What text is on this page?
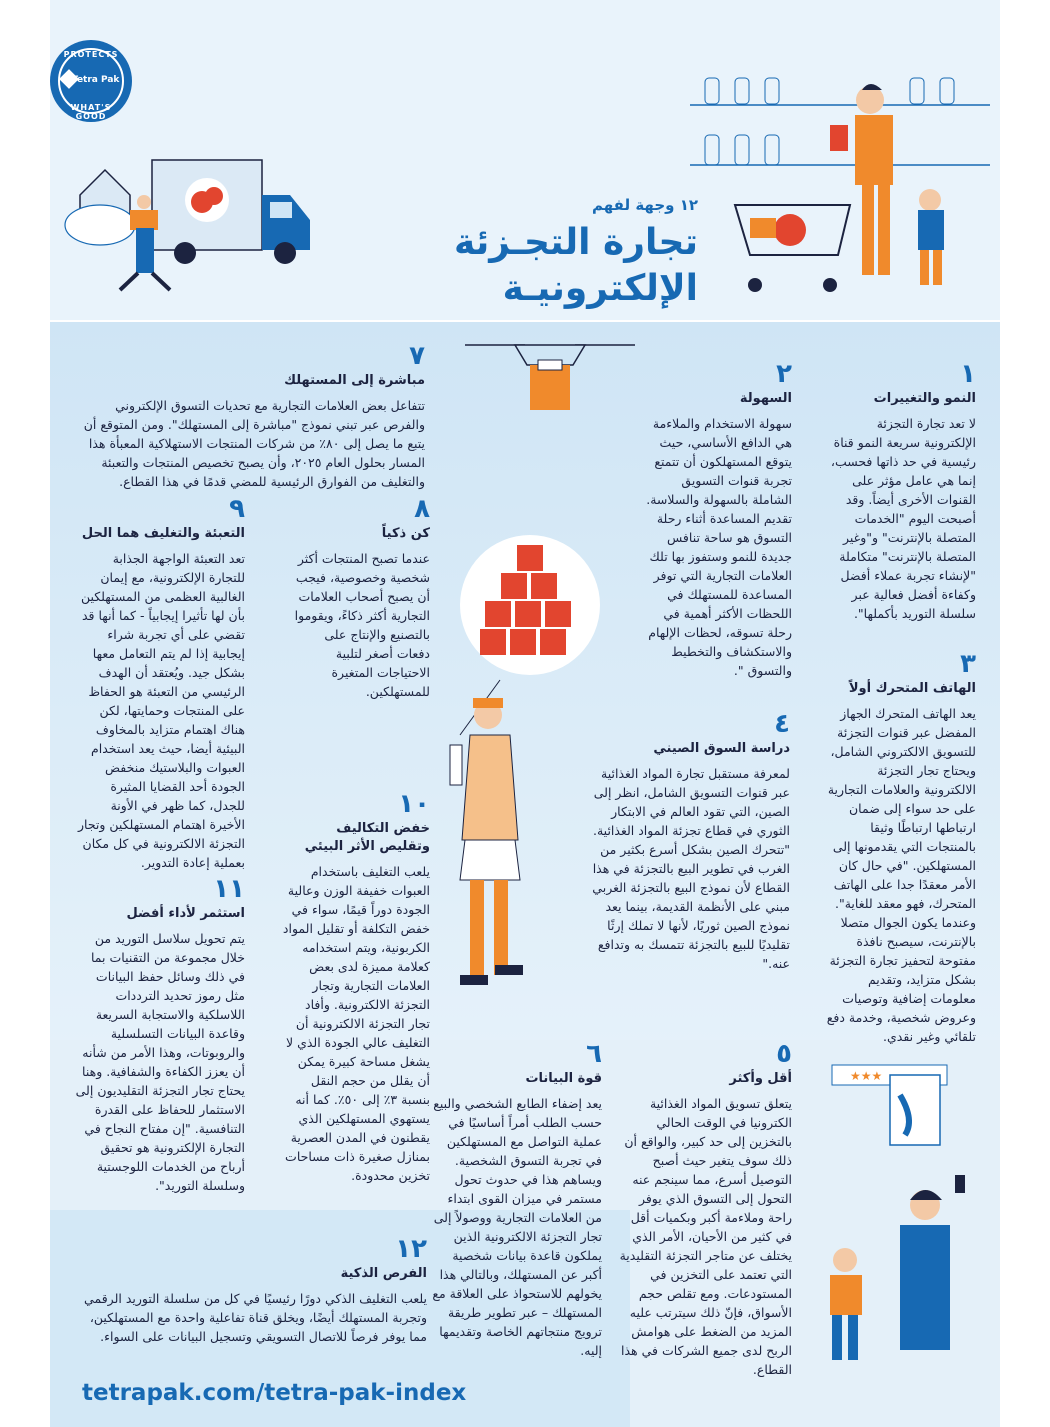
PROTECTS
Tetra Pak
WHAT'S GOOD
١٢ وجهة لفهم
تجارة التجـزئة الإلكترونيـة
★★★
١
النمو والتغييرات
لا تعد تجارة التجزئة الإلكترونية سريعة النمو قناة رئيسية في حد ذاتها فحسب، إنما هي عامل مؤثر على القنوات الأخرى أيضاً. وقد أصبحت اليوم "الخدمات المتصلة بالإنترنت" و"وغير المتصلة بالإنترنت" متكاملة "لإنشاء تجربة عملاء أفضل وكفاءة أفضل فعالية عبر سلسلة التوريد بأكملها".
٢
السهولة
سهولة الاستخدام والملاءمة هي الدافع الأساسي، حيث يتوقع المستهلكون أن تتمتع تجربة قنوات التسويق الشاملة بالسهولة والسلاسة. تقديم المساعدة أثناء رحلة التسوق هو ساحة تنافس جديدة للنمو وستفوز بها تلك العلامات التجارية التي توفر المساعدة للمستهلك في اللحظات الأكثر أهمية في رحلة تسوقه، لحظات الإلهام والاستكشاف والتخطيط والتسوق ".	٣
الهاتف المتحرك أولاً
يعد الهاتف المتحرك الجهاز المفضل عبر قنوات التجزئة للتسويق الالكتروني الشامل، ويحتاج تجار التجزئة الالكترونية والعلامات التجارية على حد سواء إلى ضمان ارتباطها ارتباطًا وثيقا بالمنتجات التي يقدمونها إلى المستهلكين. "في حال كان الأمر معقدًا جدا على الهاتف المتحرك، فهو معقد للغاية". وعندما يكون الجوال متصلا بالإنترنت، سيصبح نافذة مفتوحة لتحفيز تجارة التجزئة بشكل متزايد، وتقديم معلومات إضافية وتوصيات وعروض شخصية، وخدمة دفع تلقائي وغير نقدي.
٤
دراسة السوق الصيني
لمعرفة مستقبل تجارة المواد الغذائية عبر قنوات التسويق الشامل، انظر إلى الصين، التي تقود العالم في الابتكار الثوري في قطاع تجزئة المواد الغذائية. "تتحرك الصين بشكل أسرع بكثير من الغرب في تطوير البيع بالتجزئة في هذا القطاع لأن نموذج البيع بالتجزئة الغربي مبني على الأنظمة القديمة، بينما يعد نموذج الصين ثوريًا، لأنها لا تملك إرثًا تقليديًا للبيع بالتجزئة تتمسك به وتدافع عنه."
٥
أقل وأكثر
يتعلق تسويق المواد الغذائية الكترونيا في الوقت الحالي بالتخزين إلى حد كبير، والواقع أن ذلك سوف يتغير حيث أصبح التوصيل أسرع، مما سينجم عنه التحول إلى التسوق الذي يوفر راحة وملاءمة أكبر وبكميات أقل في كثير من الأحيان، الأمر الذي يختلف عن متاجر التجزئة التقليدية التي تعتمد على التخزين في المستودعات. ومع تقلص حجم الأسواق، فإنّ ذلك سيترتب عليه المزيد من الضغط على هوامش الربح لدى جميع الشركات في هذا القطاع.
٦
قوة البيانات
يعد إضفاء الطابع الشخصي والبيع حسب الطلب أمراً أساسيًا في عملية التواصل مع المستهلكين في تجربة التسوق الشخصية. ويساهم هذا في حدوث تحول مستمر في ميزان القوى ابتداء من العلامات التجارية ووصولاً إلى تجار التجزئة الالكترونية الذين يملكون قاعدة بيانات شخصية أكبر عن المستهلك، وبالتالي هذا يخولهم للاستحواذ على العلاقة مع المستهلك – عبر تطوير طريقة ترويج منتجاتهم الخاصة وتقديمها إليه.
٧
مباشرة إلى المستهلك
تتفاعل بعض العلامات التجارية مع تحديات التسوق الإلكتروني والفرص عبر تبني نموذج "مباشرة إلى المستهلك". ومن المتوقع أن يتبع ما يصل إلى ٨٠٪ من شركات المنتجات الاستهلاكية المعبأة هذا المسار بحلول العام ٢٠٢٥، وأن يصبح تخصيص المنتجات والتعبئة والتغليف من الفوارق الرئيسية للمضي قدمًا في هذا القطاع.
٨
كن ذكياً
عندما تصبح المنتجات أكثر شخصية وخصوصية، فيجب أن يصبح أصحاب العلامات التجارية أكثر ذكاءً، ويقوموا بالتصنيع والإنتاج على دفعات أصغر لتلبية الاحتياجات المتغيرة للمستهلكين.
٩
التعبئة والتغليف هما الحل
تعد التعبئة الواجهة الجذابة للتجارة الإلكترونية، مع إيمان الغالبية العظمى من المستهلكين بأن لها تأثيرا إيجابياً - كما أنها قد تقضي على أي تجربة شراء إيجابية إذا لم يتم التعامل معها بشكل جيد. ويُعتقد أن الهدف الرئيسي من التعبئة هو الحفاظ على المنتجات وحمايتها، لكن هناك اهتمام متزايد بالمخاوف البيئية أيضا، حيث يعد استخدام العبوات والبلاستيك منخفض الجودة أحد القضايا المثيرة للجدل، كما ظهر في الأونة الأخيرة اهتمام المستهلكين وتجار التجزئة الالكترونية في كل مكان بعملية إعادة التدوير.
١٠
خفض التكاليف وتقليص الأثر البيئي
يلعب التغليف باستخدام العبوات خفيفة الوزن وعالية الجودة دوراً قيمًا، سواء في خفض التكلفة أو تقليل المواد الكربونية، ويتم استخدامه كعلامة مميزة لدى بعض العلامات التجارية وتجار التجزئة الالكترونية. وأفاد تجار التجزئة الالكترونية أن التغليف عالي الجودة الذي لا يشغل مساحة كبيرة يمكن أن يقلل من حجم النقل بنسبة ٣٪ إلى ٥٠٪. كما أنه يستهوي المستهلكين الذي يقطنون في المدن العصرية بمنازل صغيرة ذات مساحات تخزين محدودة.
١١
استثمر لأداء أفضل
يتم تحويل سلاسل التوريد من خلال مجموعة من التقنيات بما في ذلك وسائل حفظ البيانات مثل رموز تحديد الترددات اللاسلكية والاستجابة السريعة وقاعدة البيانات التسلسلية والروبوتات، وهذا الأمر من شأنه أن يعزز الكفاءة والشفافية. وهنا يحتاج تجار التجزئة التقليديون إلى الاستثمار للحفاظ على القدرة التنافسية. "إن مفتاح النجاح في التجارة الإلكترونية هو تحقيق أرباح من الخدمات اللوجستية وسلسلة التوريد".
١٢
الفرص الذكية
يلعب التغليف الذكي دورًا رئيسيًا في كل من سلسلة التوريد الرقمي وتجربة المستهلك أيضًا، ويخلق قناة تفاعلية واحدة مع المستهلكين، مما يوفر فرصاً للاتصال التسويقي وتسجيل البيانات على السواء.
tetrapak.com/tetra-pak-index
